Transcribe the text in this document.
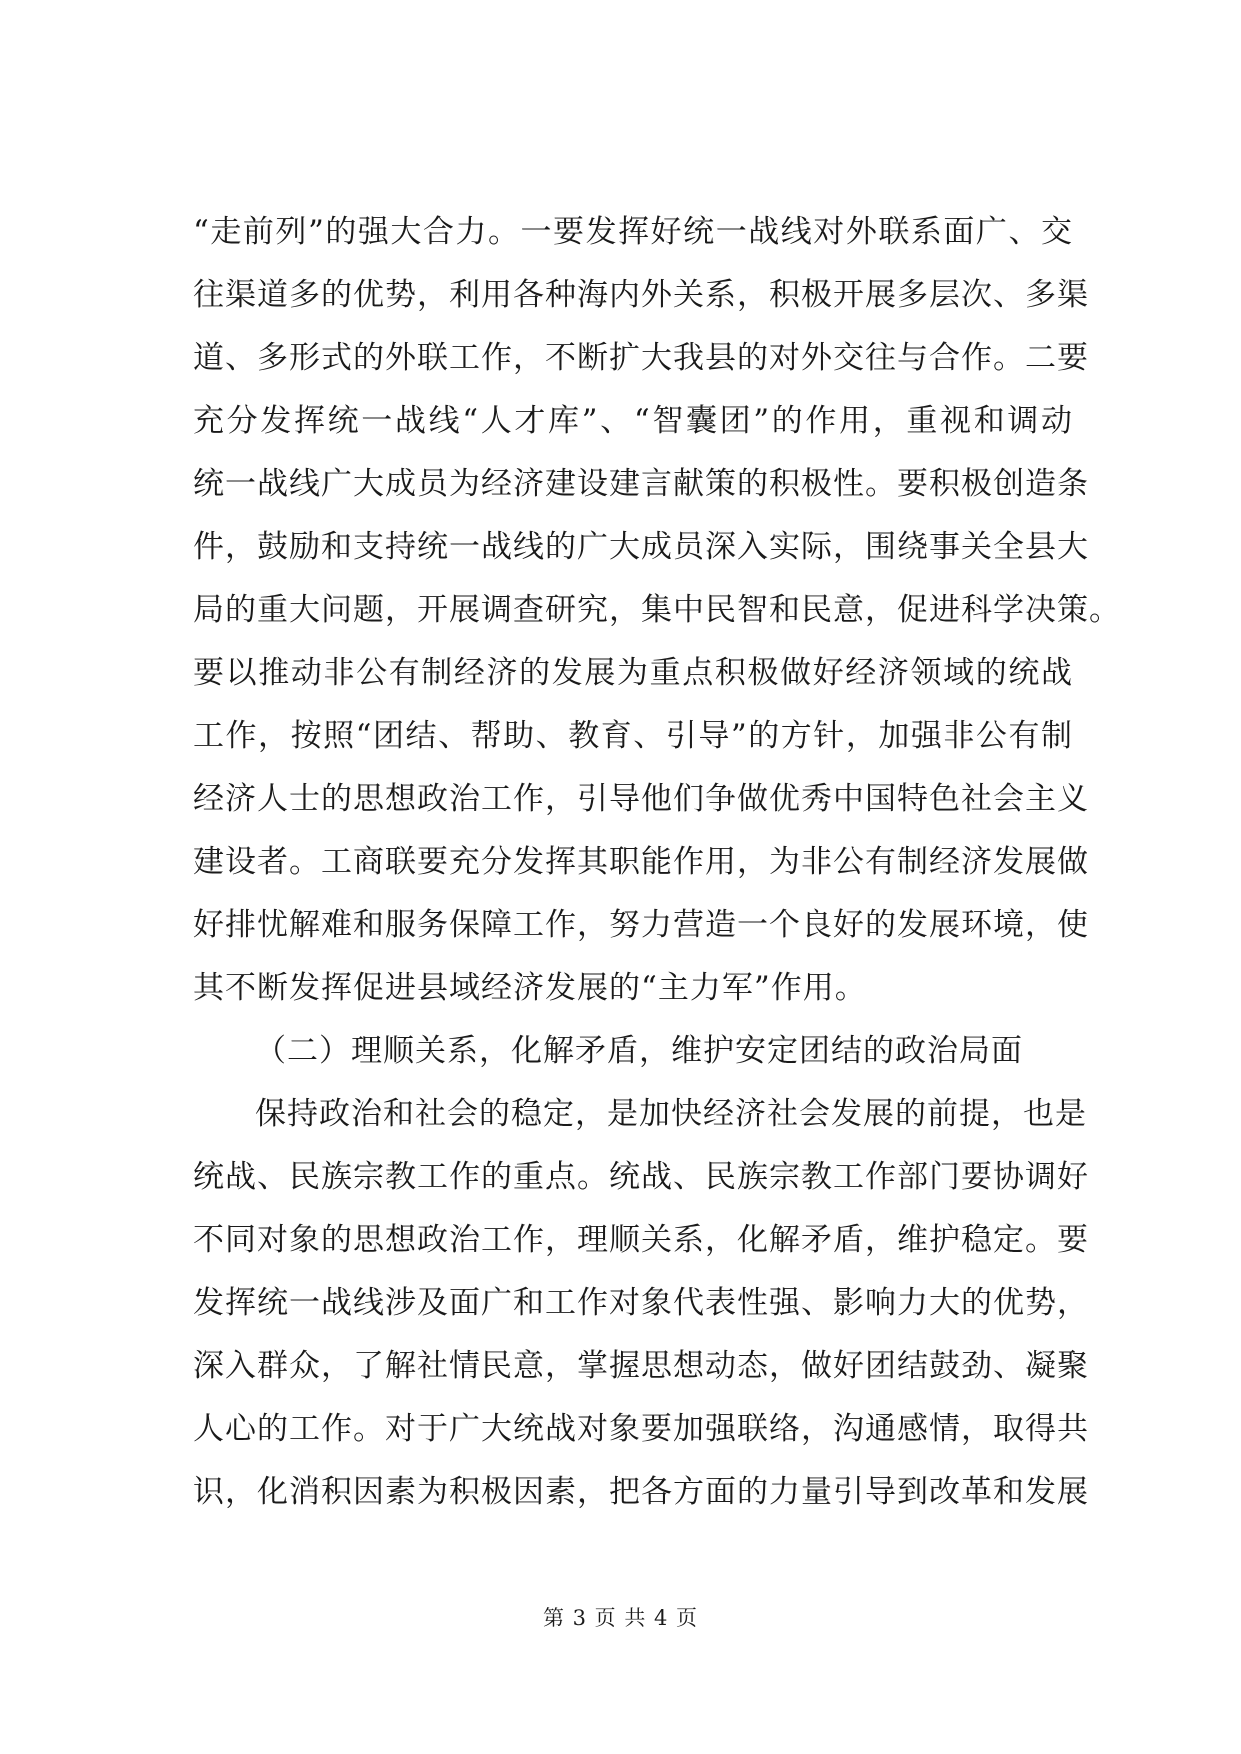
“走前列”的强大合力。一要发挥好统一战线对外联系面广、交
往渠道多的优势，利用各种海内外关系，积极开展多层次、多渠
道、多形式的外联工作，不断扩大我县的对外交往与合作。二要
充分发挥统一战线“人才库”、“智囊团”的作用，重视和调动
统一战线广大成员为经济建设建言献策的积极性。要积极创造条
件，鼓励和支持统一战线的广大成员深入实际，围绕事关全县大
局的重大问题，开展调查研究，集中民智和民意，促进科学决策。
要以推动非公有制经济的发展为重点积极做好经济领域的统战
工作，按照“团结、帮助、教育、引导”的方针，加强非公有制
经济人士的思想政治工作，引导他们争做优秀中国特色社会主义
建设者。工商联要充分发挥其职能作用，为非公有制经济发展做
好排忧解难和服务保障工作，努力营造一个良好的发展环境，使
其不断发挥促进县域经济发展的“主力军”作用。
（二）理顺关系，化解矛盾，维护安定团结的政治局面
保持政治和社会的稳定，是加快经济社会发展的前提，也是
统战、民族宗教工作的重点。统战、民族宗教工作部门要协调好
不同对象的思想政治工作，理顺关系，化解矛盾，维护稳定。要
发挥统一战线涉及面广和工作对象代表性强、影响力大的优势，
深入群众，了解社情民意，掌握思想动态，做好团结鼓劲、凝聚
人心的工作。对于广大统战对象要加强联络，沟通感情，取得共
识，化消积因素为积极因素，把各方面的力量引导到改革和发展
第 3 页 共 4 页
